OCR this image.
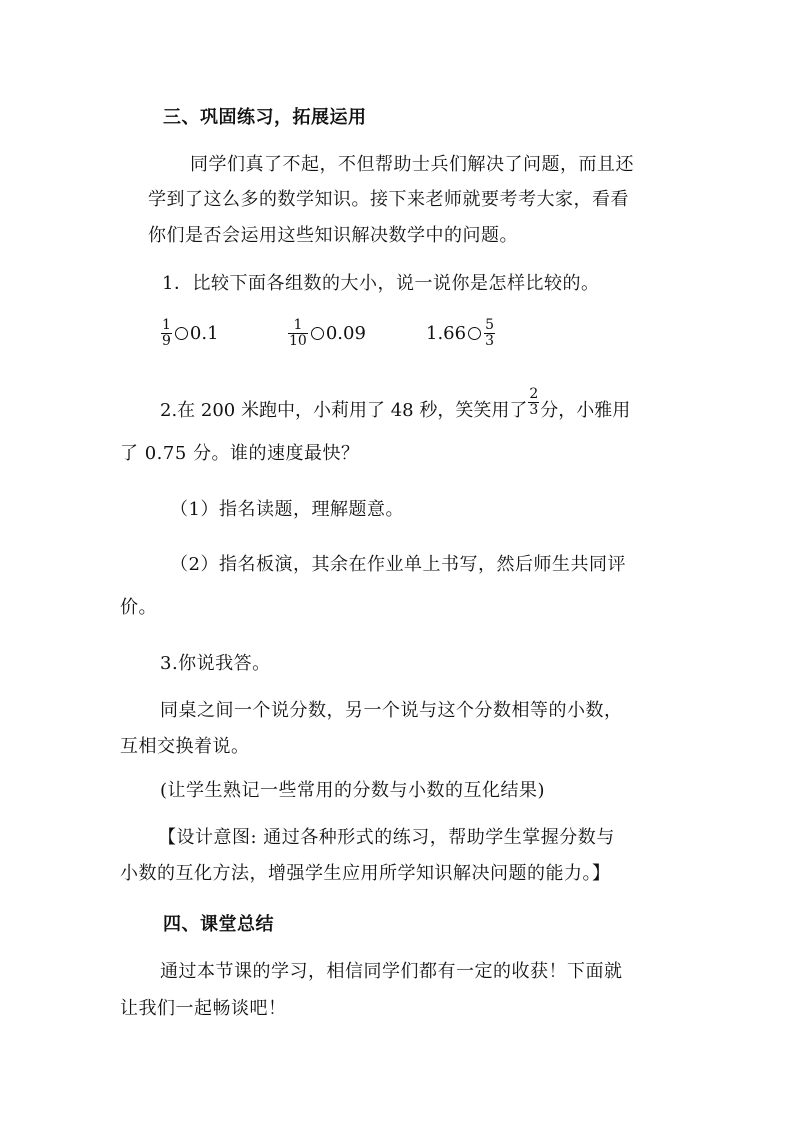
三、巩固练习，拓展运用
同学们真了不起，不但帮助士兵们解决了问题，而且还
学到了这么多的数学知识。接下来老师就要考考大家，看看
你们是否会运用这些知识解决数学中的问题。
1．比较下面各组数的大小，说一说你是怎样比较的。
$\frac{1}{9} 0.1$	$\frac{1}{10} 0.09$	$1.66 \frac{5}{3}$
2.在 200 米跑中，小莉用了 48 秒，笑笑用了 $\frac{2}{3}$ 分，小雅用
了 0.75 分。谁的速度最快？
（1）指名读题，理解题意。
（2）指名板演，其余在作业单上书写，然后师生共同评
价。
3.你说我答。
同桌之间一个说分数，另一个说与这个分数相等的小数，
互相交换着说。
(让学生熟记一些常用的分数与小数的互化结果)
【设计意图: 通过各种形式的练习，帮助学生掌握分数与
小数的互化方法，增强学生应用所学知识解决问题的能力。】
四、课堂总结
通过本节课的学习，相信同学们都有一定的收获！下面就
让我们一起畅谈吧！
